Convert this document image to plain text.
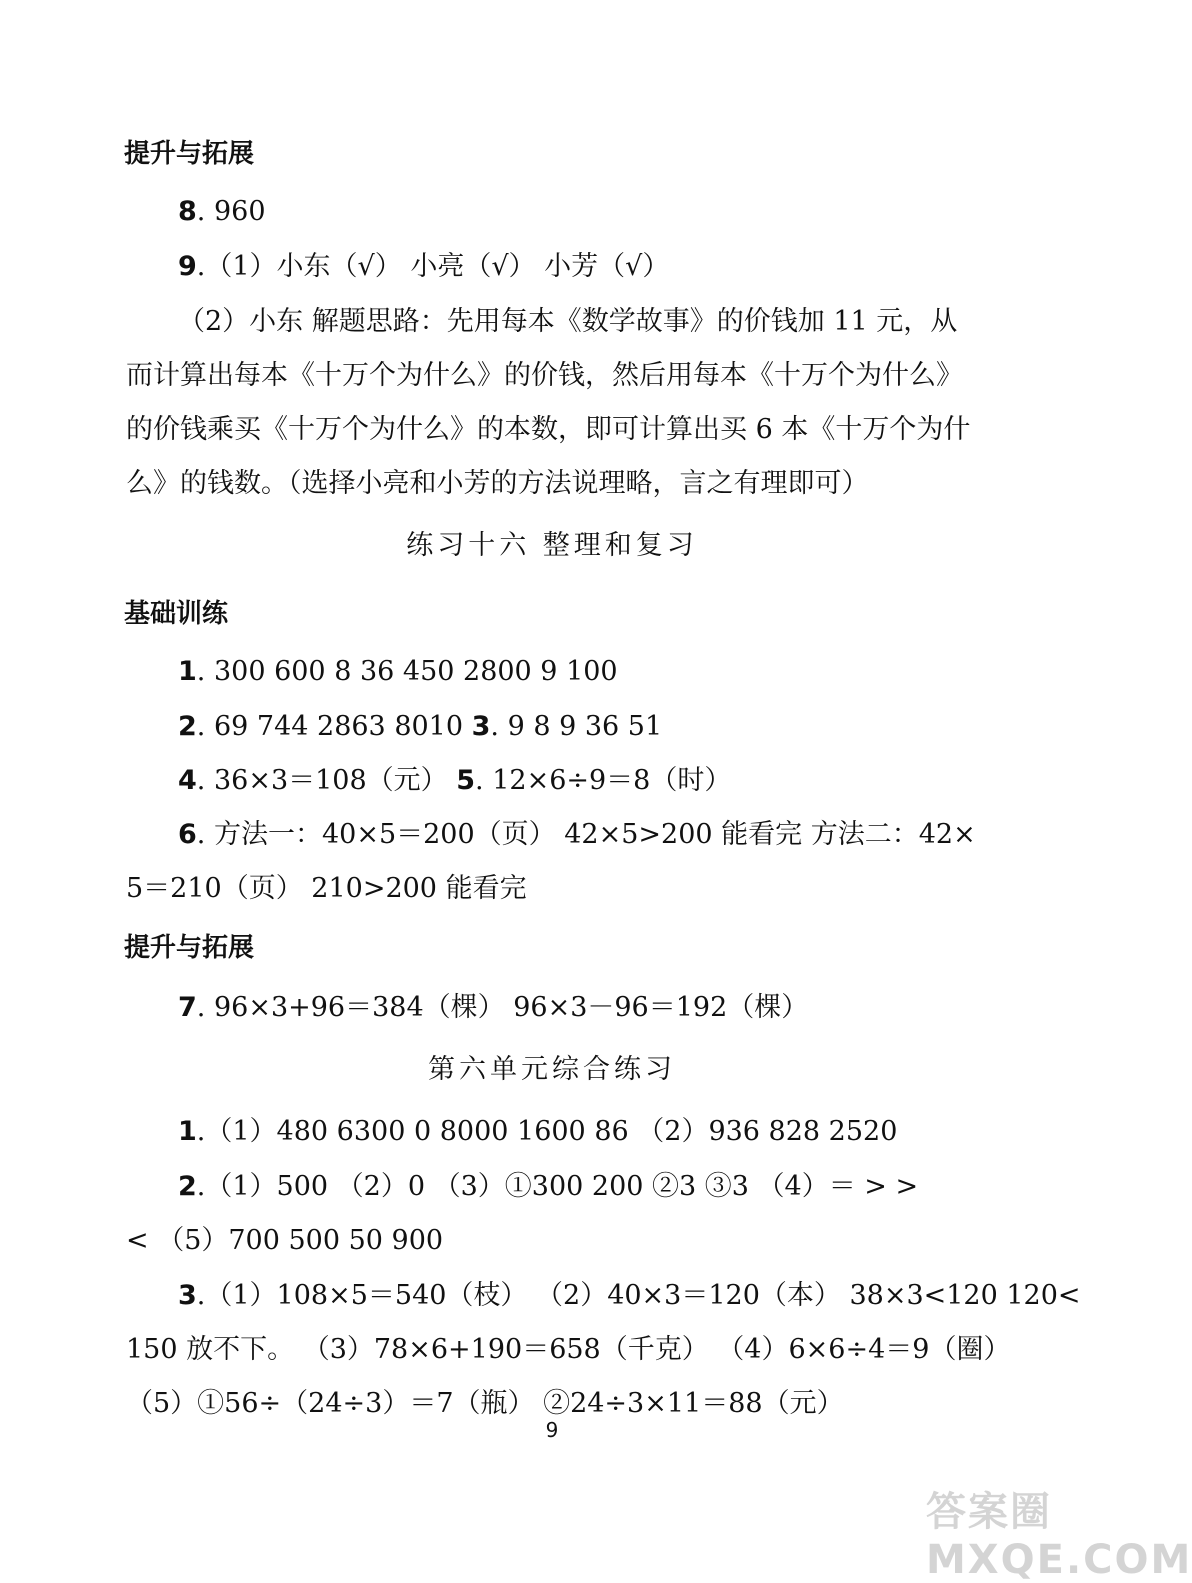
提升与拓展
8. 960
9.（1）小东（√） 小亮（√） 小芳（√）
（2）小东 解题思路：先用每本《数学故事》的价钱加 11 元，从
而计算出每本《十万个为什么》的价钱，然后用每本《十万个为什么》
的价钱乘买《十万个为什么》的本数，即可计算出买 6 本《十万个为什
么》的钱数。（选择小亮和小芳的方法说理略，言之有理即可）
练习十六 整理和复习
基础训练
1. 300 600 8 36 450 2800 9 100
2. 69 744 2863 8010 3. 9 8 9 36 51
4. 36×3＝108（元） 5. 12×6÷9＝8（时）
6. 方法一：40×5＝200（页） 42×5>200 能看完 方法二：42×
5＝210（页） 210>200 能看完
提升与拓展
7. 96×3+96＝384（棵） 96×3－96＝192（棵）
第六单元综合练习
1.（1）480 6300 0 8000 1600 86 （2）936 828 2520
2.（1）500 （2）0 （3）①300 200 ②3 ③3 （4）＝ > >
< （5）700 500 50 900
3.（1）108×5＝540（枝） （2）40×3＝120（本） 38×3<120 120<
150 放不下。 （3）78×6+190＝658（千克） （4）6×6÷4＝9（圈）
（5）①56÷（24÷3）＝7（瓶） ②24÷3×11＝88（元）
9
答案圈 MXQE.COM
